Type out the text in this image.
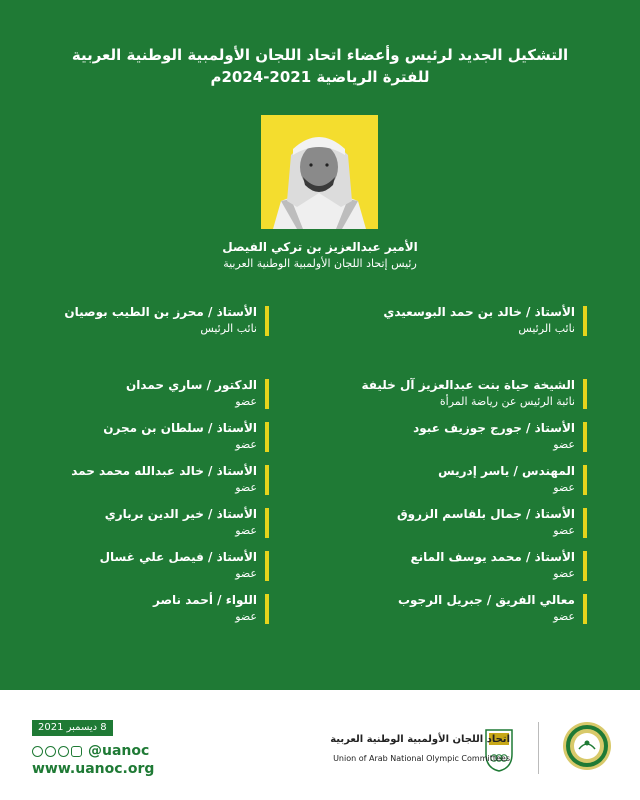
التشكيل الجديد لرئيس وأعضاء اتحاد اللجان الأولمبية الوطنية العربية
للفترة الرياضية 2021-2024م
الأمير عبدالعزيز بن تركي الفيصل
رئيس إتحاد اللجان الأولمبية الوطنية العربية
الأستاذ / خالد بن حمد البوسعيدي
نائب الرئيس
الشيخة حياة بنت عبدالعزيز آل خليفة
نائبة الرئيس عن رياضة المرأة
الأستاذ / جورج جوزيف عبود
عضو
المهندس / ياسر إدريس
عضو
الأستاذ / جمال بلقاسم الزروق
عضو
الأستاذ / محمد يوسف المانع
عضو
معالي الفريق / جبريل الرجوب
عضو
الأستاذ / محرز بن الطيب بوصيان
نائب الرئيس
الدكتور / ساري حمدان
عضو
الأستاذ / سلطان بن مجرن
عضو
الأستاذ / خالد عبدالله محمد حمد
عضو
الأستاذ / خير الدين برباري
عضو
الأستاذ / فيصل علي غسال
عضو
اللواء / أحمد ناصر
عضو
8 ديسمبر 2021
@uanoc
www.uanoc.org
اتحاد اللجان الأولمبية الوطنية العربية
Union of Arab National Olympic Committees
